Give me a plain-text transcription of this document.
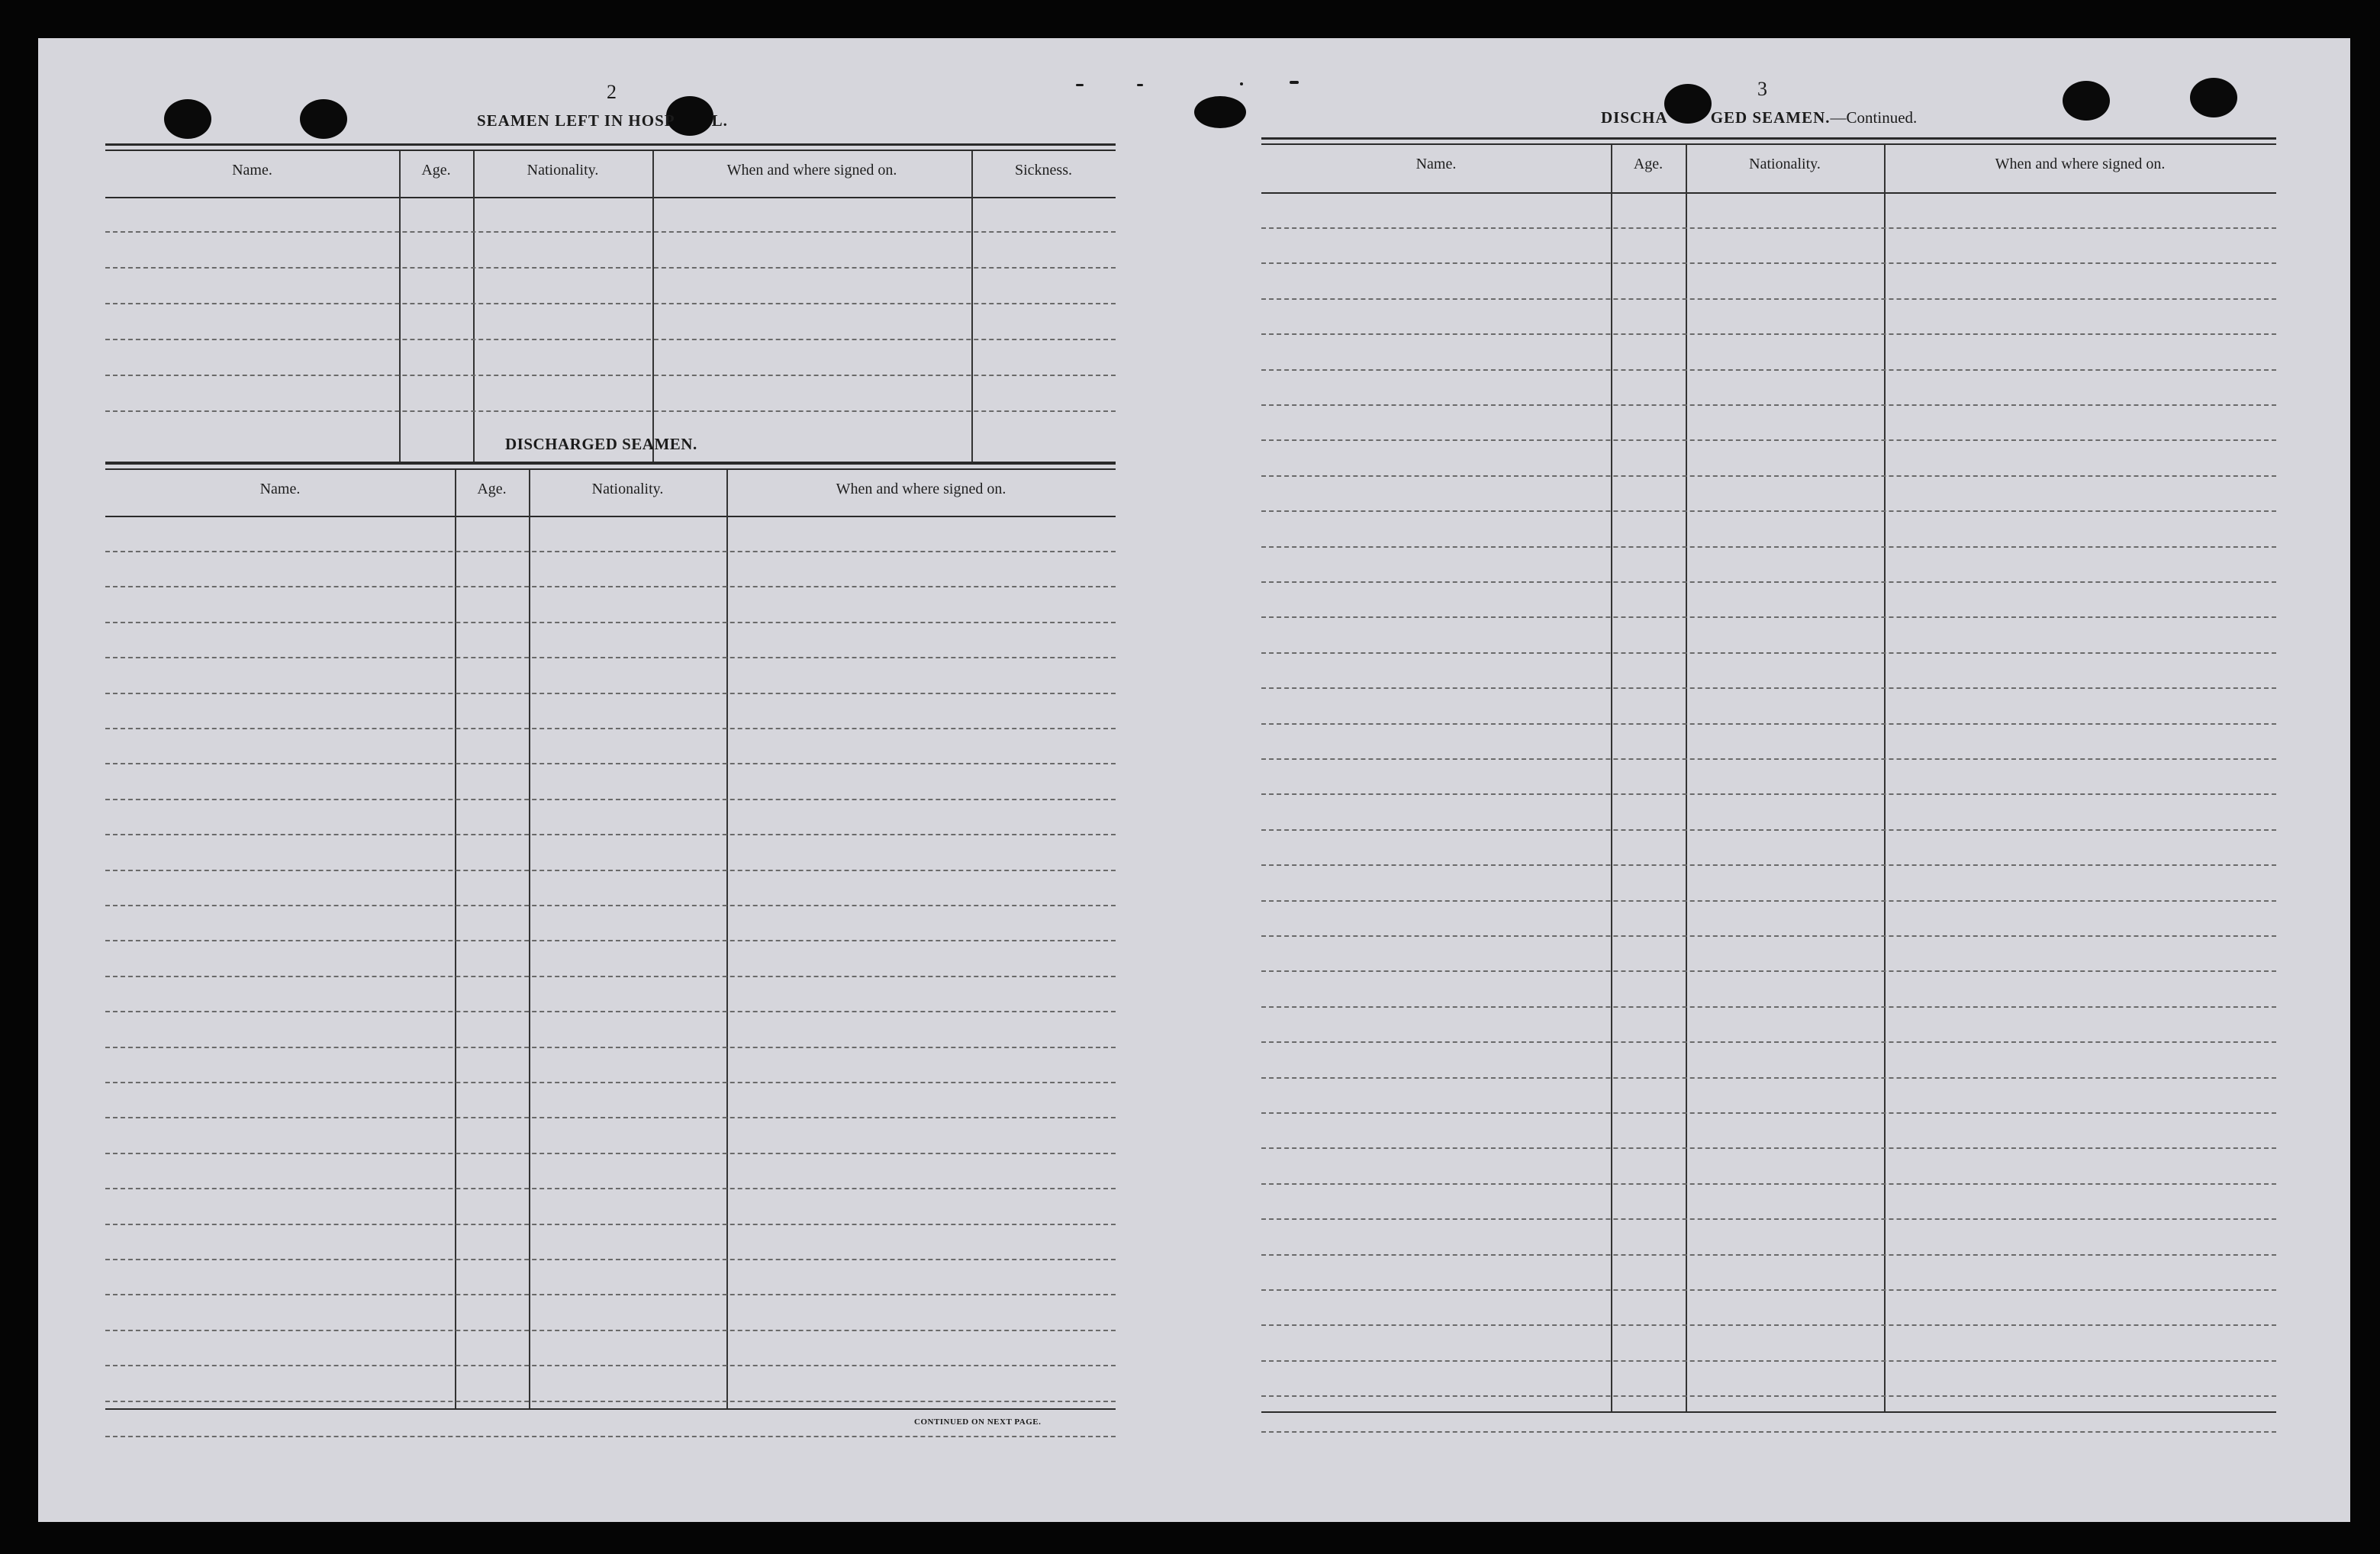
2
SEAMEN LEFT IN HOSP L.
Name.	Age.	Nationality.	When and where signed on.	Sickness.
DISCHARGED SEAMEN.
Name.	Age.	Nationality.	When and where signed on.
CONTINUED ON NEXT PAGE.
3
DISCHA	GED SEAMEN.—Continued.
Name.	Age.	Nationality.	When and where signed on.
